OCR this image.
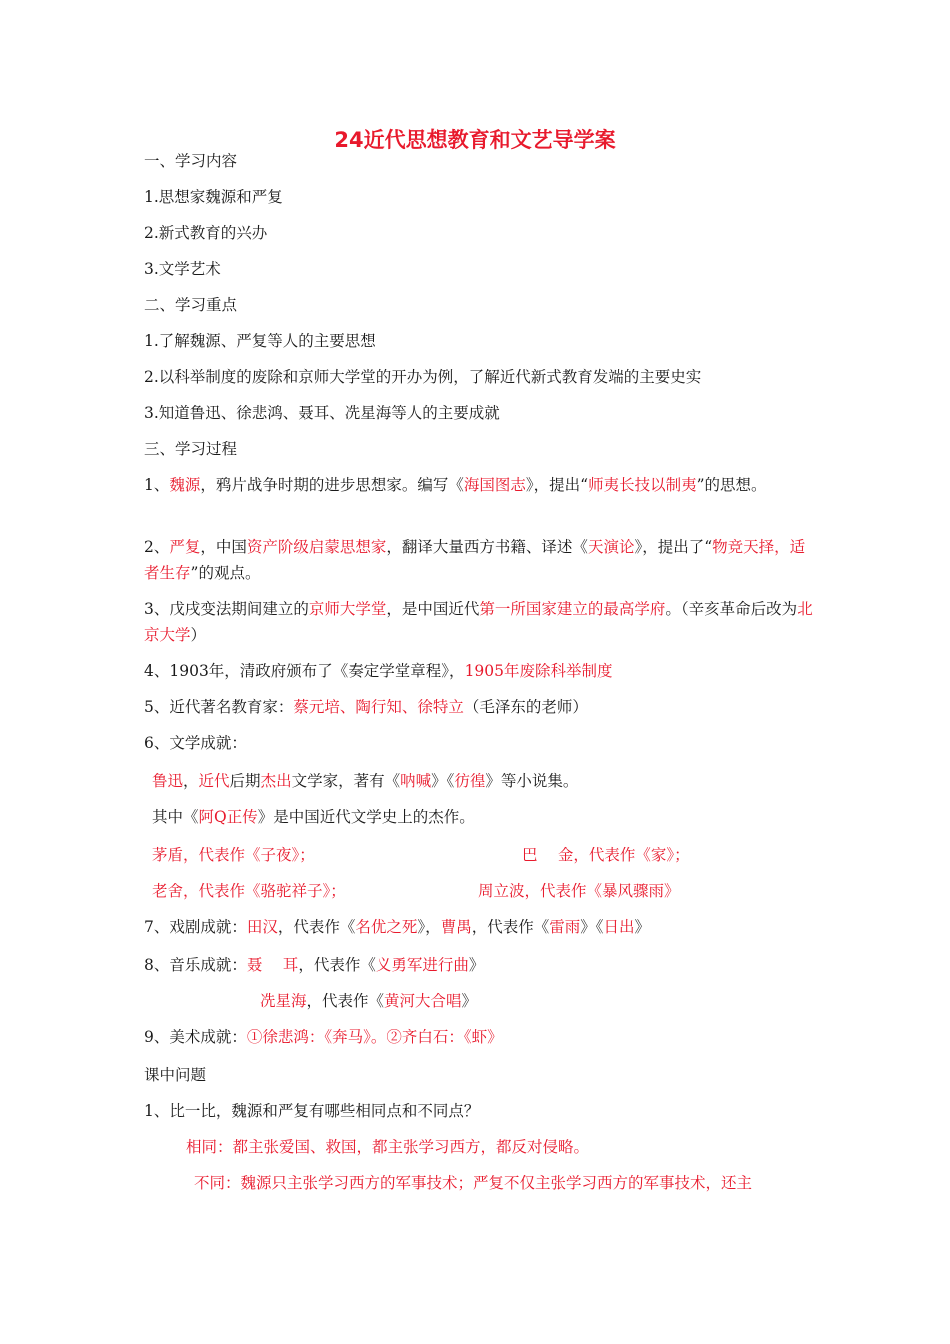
24近代思想教育和文艺导学案
一、学习内容
1.思想家魏源和严复
2.新式教育的兴办
3.文学艺术
二、学习重点
1.了解魏源、严复等人的主要思想
2.以科举制度的废除和京师大学堂的开办为例，了解近代新式教育发端的主要史实
3.知道鲁迅、徐悲鸿、聂耳、冼星海等人的主要成就
三、学习过程
1、魏源，鸦片战争时期的进步思想家。编写《海国图志》，提出“师夷长技以制夷”的思想。
2、严复，中国资产阶级启蒙思想家，翻译大量西方书籍、译述《天演论》，提出了“物竞天择，适者生存”的观点。
3、戊戌变法期间建立的京师大学堂，是中国近代第一所国家建立的最高学府。（辛亥革命后改为北京大学）
4、1903年，清政府颁布了《奏定学堂章程》，1905年废除科举制度
5、近代著名教育家：蔡元培、陶行知、徐特立（毛泽东的老师）
6、文学成就：
鲁迅，近代后期杰出文学家，著有《呐喊》《彷徨》等小说集。
其中《阿Q正传》是中国近代文学史上的杰作。
茅盾，代表作《子夜》；	巴　 金，代表作《家》；
老舍，代表作《骆驼祥子》；	周立波，代表作《暴风骤雨》
7、戏剧成就：田汉，代表作《名优之死》，曹禺，代表作《雷雨》《日出》
8、音乐成就：聂　 耳，代表作《义勇军进行曲》
冼星海，代表作《黄河大合唱》
9、美术成就：①徐悲鸿：《奔马》。②齐白石：《虾》
课中问题
1、比一比，魏源和严复有哪些相同点和不同点？
相同：都主张爱国、救国，都主张学习西方，都反对侵略。
不同：魏源只主张学习西方的军事技术；严复不仅主张学习西方的军事技术，还主
